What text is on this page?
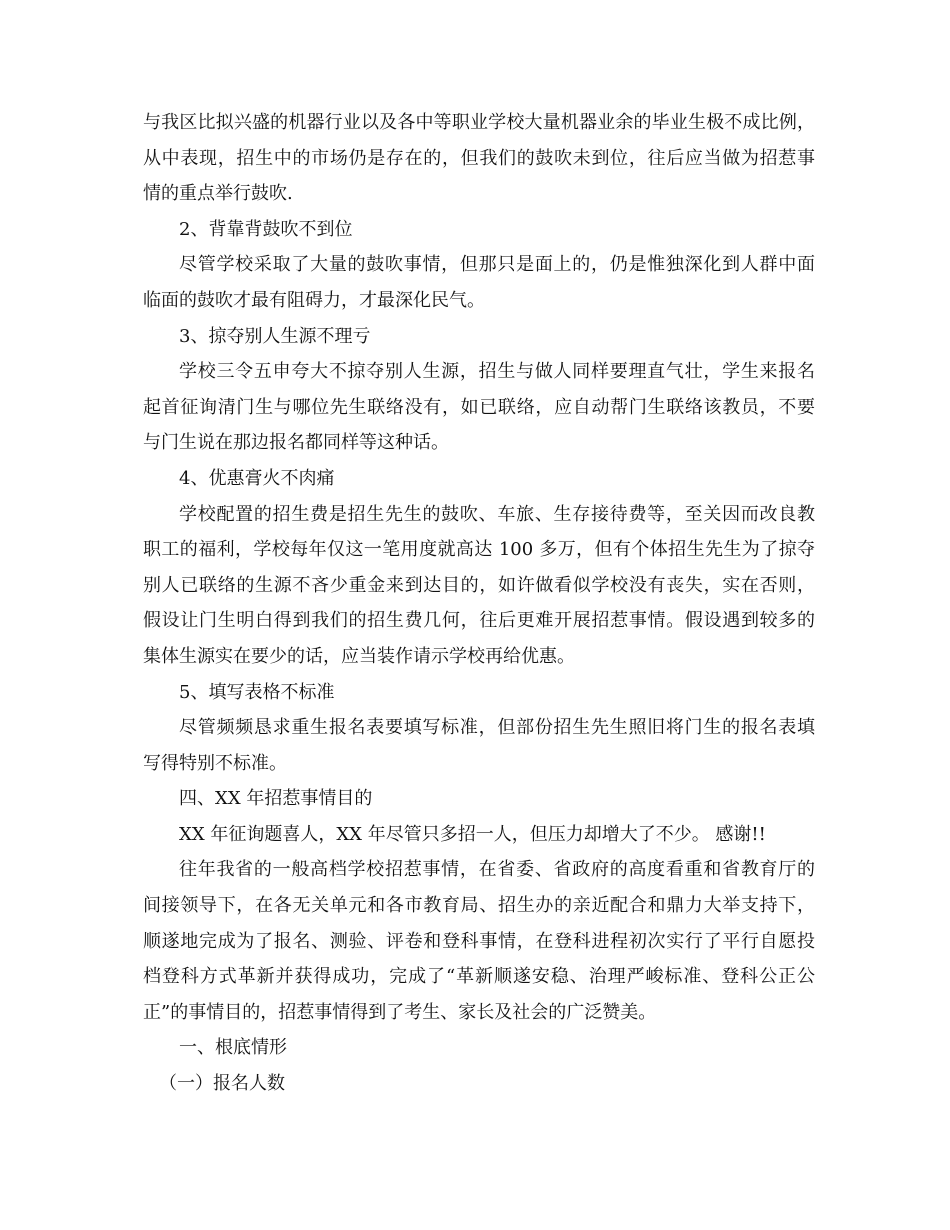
与我区比拟兴盛的机器行业以及各中等职业学校大量机器业余的毕业生极不成比例，
从中表现，招生中的市场仍是存在的，但我们的鼓吹未到位，往后应当做为招惹事
情的重点举行鼓吹.
2、背靠背鼓吹不到位
尽管学校采取了大量的鼓吹事情，但那只是面上的，仍是惟独深化到人群中面
临面的鼓吹才最有阻碍力，才最深化民气。
3、掠夺别人生源不理亏
学校三令五申夸大不掠夺别人生源，招生与做人同样要理直气壮，学生来报名
起首征询清门生与哪位先生联络没有，如已联络，应自动帮门生联络该教员，不要
与门生说在那边报名都同样等这种话。
4、优惠膏火不肉痛
学校配置的招生费是招生先生的鼓吹、车旅、生存接待费等，至关因而改良教
职工的福利，学校每年仅这一笔用度就高达 100 多万，但有个体招生先生为了掠夺
别人已联络的生源不吝少重金来到达目的，如许做看似学校没有丧失，实在否则，
假设让门生明白得到我们的招生费几何，往后更难开展招惹事情。假设遇到较多的
集体生源实在要少的话，应当装作请示学校再给优惠。
5、填写表格不标准
尽管频频恳求重生报名表要填写标准，但部份招生先生照旧将门生的报名表填
写得特别不标准。
四、XX 年招惹事情目的
XX 年征询题喜人，XX 年尽管只多招一人，但压力却增大了不少。 感谢!!
往年我省的一般高档学校招惹事情，在省委、省政府的高度看重和省教育厅的
间接领导下，在各无关单元和各市教育局、招生办的亲近配合和鼎力大举支持下，
顺遂地完成为了报名、测验、评卷和登科事情，在登科进程初次实行了平行自愿投
档登科方式革新并获得成功，完成了“革新顺遂安稳、治理严峻标准、登科公正公
正”的事情目的，招惹事情得到了考生、家长及社会的广泛赞美。
一、根底情形
（一）报名人数
